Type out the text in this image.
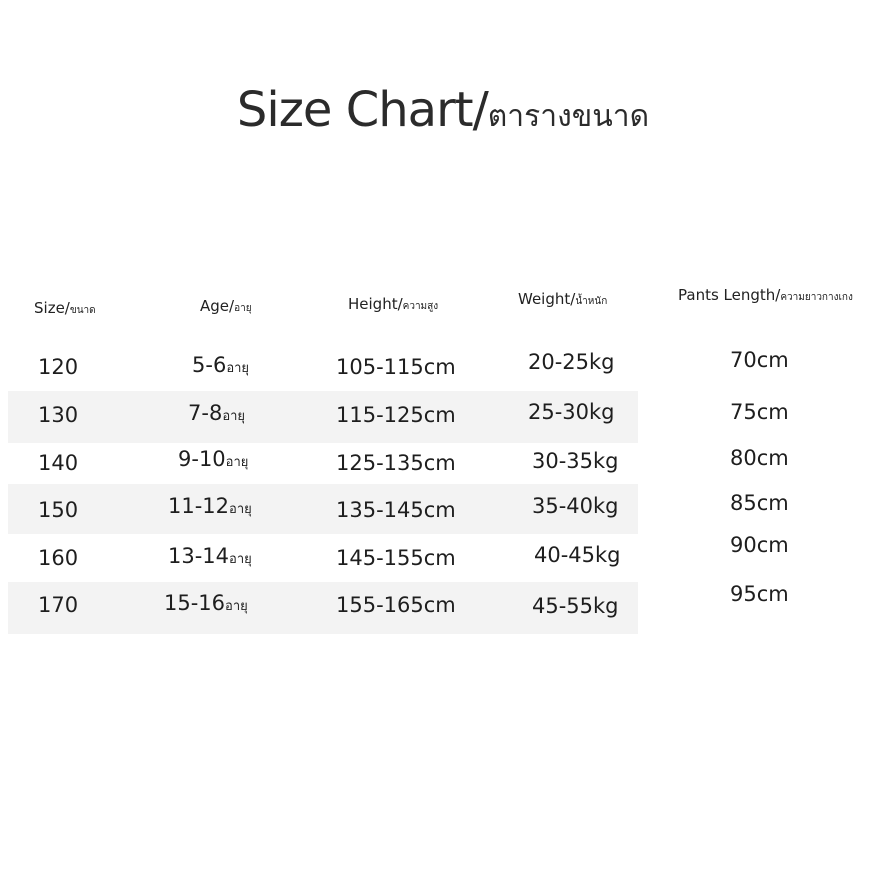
Size Chart/ตารางขนาด
Size/ขนาด	Age/อายุ	Height/ความสูง	Weight/น้ำหนัก	Pants Length/ความยาวกางเกง
120	5-6อายุ	105-115cm	20-25kg	70cm
130	7-8อายุ	115-125cm	25-30kg	75cm
140	9-10อายุ	125-135cm	30-35kg	80cm
150	11-12อายุ	135-145cm	35-40kg	85cm
160	13-14อายุ	145-155cm	40-45kg	90cm
170	15-16อายุ	155-165cm	45-55kg	95cm
